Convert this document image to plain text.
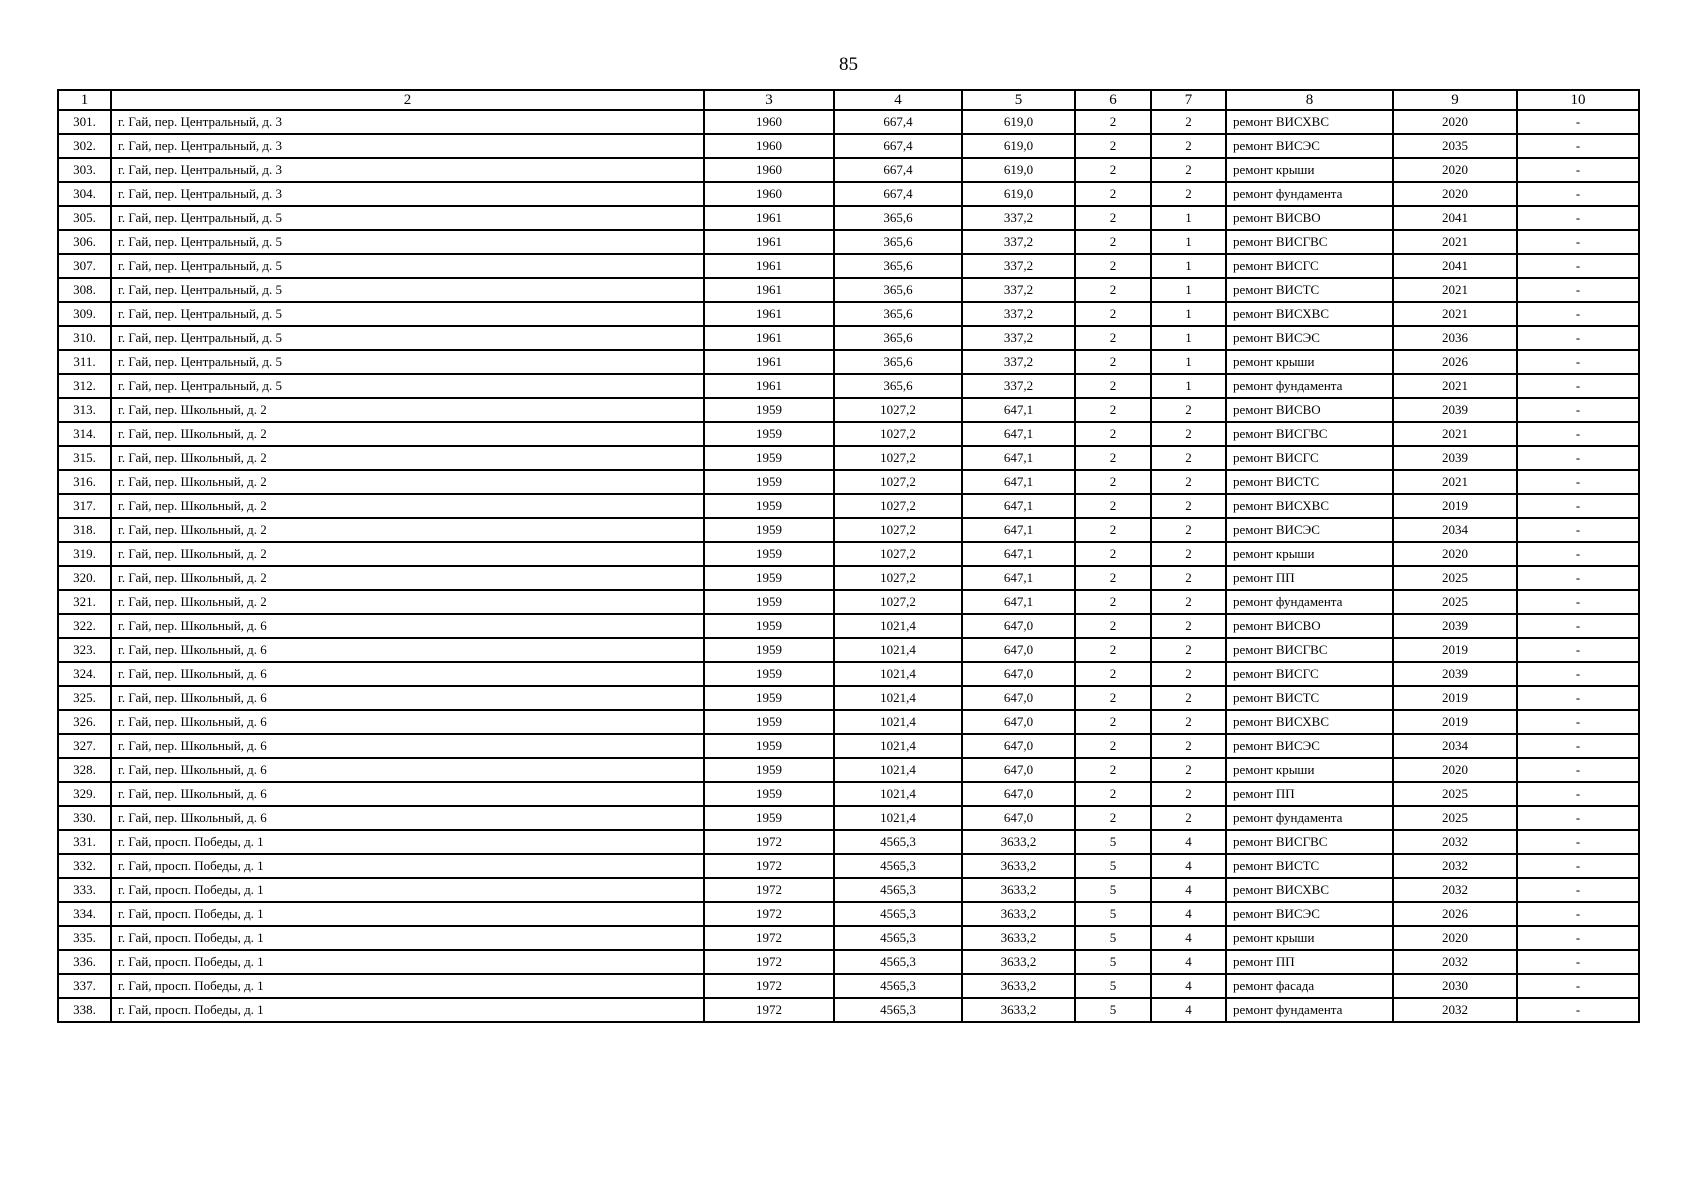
85
1	2	3	4	5	6	7	8	9	10
301.	г. Гай, пер. Центральный, д. 3	1960	667,4	619,0	2	2	ремонт ВИСХВС	2020	-
302.	г. Гай, пер. Центральный, д. 3	1960	667,4	619,0	2	2	ремонт ВИСЭС	2035	-
303.	г. Гай, пер. Центральный, д. 3	1960	667,4	619,0	2	2	ремонт крыши	2020	-
304.	г. Гай, пер. Центральный, д. 3	1960	667,4	619,0	2	2	ремонт фундамента	2020	-
305.	г. Гай, пер. Центральный, д. 5	1961	365,6	337,2	2	1	ремонт ВИСВО	2041	-
306.	г. Гай, пер. Центральный, д. 5	1961	365,6	337,2	2	1	ремонт ВИСГВС	2021	-
307.	г. Гай, пер. Центральный, д. 5	1961	365,6	337,2	2	1	ремонт ВИСГС	2041	-
308.	г. Гай, пер. Центральный, д. 5	1961	365,6	337,2	2	1	ремонт ВИСТС	2021	-
309.	г. Гай, пер. Центральный, д. 5	1961	365,6	337,2	2	1	ремонт ВИСХВС	2021	-
310.	г. Гай, пер. Центральный, д. 5	1961	365,6	337,2	2	1	ремонт ВИСЭС	2036	-
311.	г. Гай, пер. Центральный, д. 5	1961	365,6	337,2	2	1	ремонт крыши	2026	-
312.	г. Гай, пер. Центральный, д. 5	1961	365,6	337,2	2	1	ремонт фундамента	2021	-
313.	г. Гай, пер. Школьный, д. 2	1959	1027,2	647,1	2	2	ремонт ВИСВО	2039	-
314.	г. Гай, пер. Школьный, д. 2	1959	1027,2	647,1	2	2	ремонт ВИСГВС	2021	-
315.	г. Гай, пер. Школьный, д. 2	1959	1027,2	647,1	2	2	ремонт ВИСГС	2039	-
316.	г. Гай, пер. Школьный, д. 2	1959	1027,2	647,1	2	2	ремонт ВИСТС	2021	-
317.	г. Гай, пер. Школьный, д. 2	1959	1027,2	647,1	2	2	ремонт ВИСХВС	2019	-
318.	г. Гай, пер. Школьный, д. 2	1959	1027,2	647,1	2	2	ремонт ВИСЭС	2034	-
319.	г. Гай, пер. Школьный, д. 2	1959	1027,2	647,1	2	2	ремонт крыши	2020	-
320.	г. Гай, пер. Школьный, д. 2	1959	1027,2	647,1	2	2	ремонт ПП	2025	-
321.	г. Гай, пер. Школьный, д. 2	1959	1027,2	647,1	2	2	ремонт фундамента	2025	-
322.	г. Гай, пер. Школьный, д. 6	1959	1021,4	647,0	2	2	ремонт ВИСВО	2039	-
323.	г. Гай, пер. Школьный, д. 6	1959	1021,4	647,0	2	2	ремонт ВИСГВС	2019	-
324.	г. Гай, пер. Школьный, д. 6	1959	1021,4	647,0	2	2	ремонт ВИСГС	2039	-
325.	г. Гай, пер. Школьный, д. 6	1959	1021,4	647,0	2	2	ремонт ВИСТС	2019	-
326.	г. Гай, пер. Школьный, д. 6	1959	1021,4	647,0	2	2	ремонт ВИСХВС	2019	-
327.	г. Гай, пер. Школьный, д. 6	1959	1021,4	647,0	2	2	ремонт ВИСЭС	2034	-
328.	г. Гай, пер. Школьный, д. 6	1959	1021,4	647,0	2	2	ремонт крыши	2020	-
329.	г. Гай, пер. Школьный, д. 6	1959	1021,4	647,0	2	2	ремонт ПП	2025	-
330.	г. Гай, пер. Школьный, д. 6	1959	1021,4	647,0	2	2	ремонт фундамента	2025	-
331.	г. Гай, просп. Победы, д. 1	1972	4565,3	3633,2	5	4	ремонт ВИСГВС	2032	-
332.	г. Гай, просп. Победы, д. 1	1972	4565,3	3633,2	5	4	ремонт ВИСТС	2032	-
333.	г. Гай, просп. Победы, д. 1	1972	4565,3	3633,2	5	4	ремонт ВИСХВС	2032	-
334.	г. Гай, просп. Победы, д. 1	1972	4565,3	3633,2	5	4	ремонт ВИСЭС	2026	-
335.	г. Гай, просп. Победы, д. 1	1972	4565,3	3633,2	5	4	ремонт крыши	2020	-
336.	г. Гай, просп. Победы, д. 1	1972	4565,3	3633,2	5	4	ремонт ПП	2032	-
337.	г. Гай, просп. Победы, д. 1	1972	4565,3	3633,2	5	4	ремонт фасада	2030	-
338.	г. Гай, просп. Победы, д. 1	1972	4565,3	3633,2	5	4	ремонт фундамента	2032	-
